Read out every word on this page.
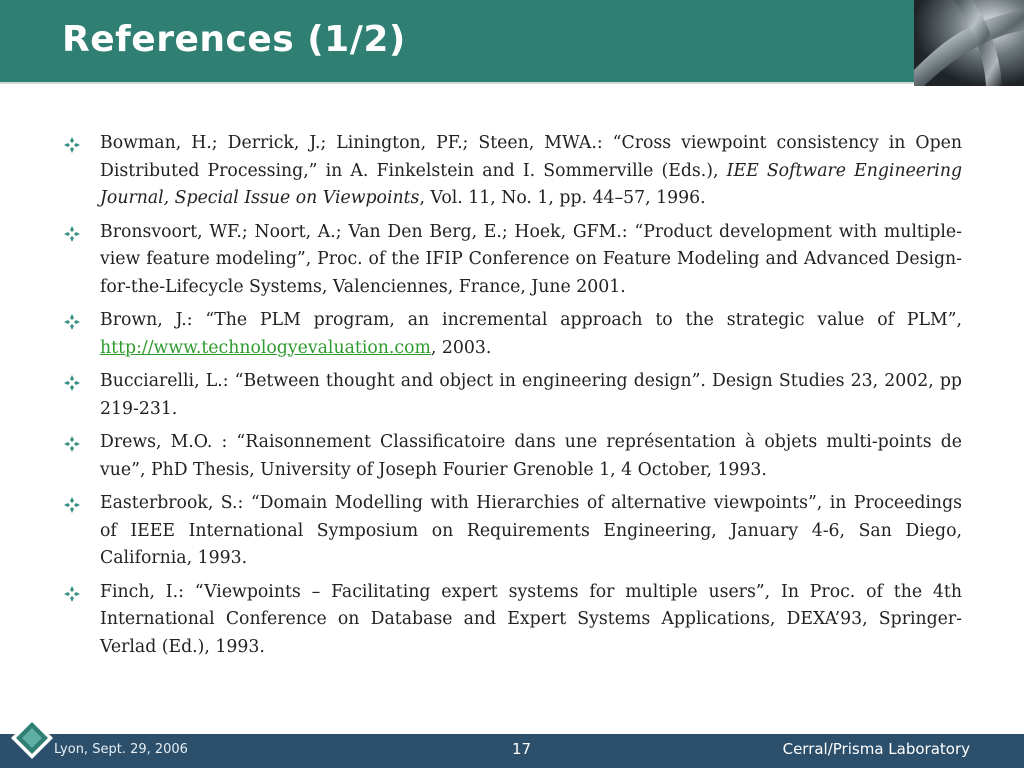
References (1/2)

Bowman, H.; Derrick, J.; Linington, PF.; Steen, MWA.: “Cross viewpoint consistency in Open Distributed Processing,” in A. Finkelstein and I. Sommerville (Eds.), IEE Software Engineering Journal, Special Issue on Viewpoints, Vol. 11, No. 1, pp. 44–57, 1996.

Bronsvoort, WF.; Noort, A.; Van Den Berg, E.; Hoek, GFM.: “Product development with multiple-view feature modeling”, Proc. of the IFIP Conference on Feature Modeling and Advanced Design-for-the-Lifecycle Systems, Valenciennes, France, June 2001.

Brown, J.: “The PLM program, an incremental approach to the strategic value of PLM”, http://www.technologyevaluation.com, 2003.

Bucciarelli, L.: “Between thought and object in engineering design”. Design Studies 23, 2002, pp 219-231.

Drews, M.O. : “Raisonnement Classificatoire dans une représentation à objets multi-points de vue”, PhD Thesis, University of Joseph Fourier Grenoble 1, 4 October, 1993.

Easterbrook, S.: “Domain Modelling with Hierarchies of alternative viewpoints”, in Proceedings of IEEE International Symposium on Requirements Engineering, January 4-6, San Diego, California, 1993.

Finch, I.: “Viewpoints – Facilitating expert systems for multiple users”, In Proc. of the 4th International Conference on Database and Expert Systems Applications, DEXA’93, Springer-Verlad (Ed.), 1993.

Lyon, Sept. 29, 2006	17	Cerral/Prisma Laboratory
